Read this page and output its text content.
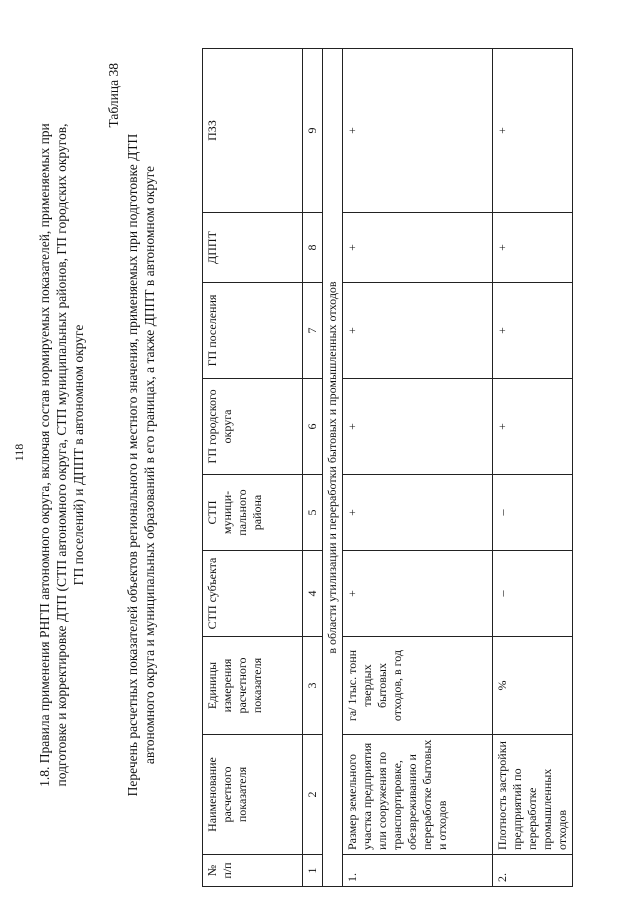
118 1.8. Правила применения РНГП автономного округа, включая состав нормируемых показателей, применяемых при подготовке и корректировке ДТП (СТП автономного округа, СТП муниципальных районов, ГП городских округов, ГП поселений) и ДППТ в автономном округе
Таблица 38
Перечень расчетных показателей объектов регионального и местного значения, применяемых при подготовке ДТП автономного округа и муниципальных образований в его границах, а также ДППТ в автономном округе
№ п/п	Наименование расчетного показателя	Единицы измерения расчетного показателя	СТП субъекта	СТП муници-пального района	ГП городского округа	ГП поселения	ДППТ	ПЗЗ
1	2	3	4	5	6	7	8	9
в области утилизации и переработки бытовых и промышленных отходов								
1.	Размер земельного участка предприятия или сооружения по транспортировке, обезвреживанию и переработке бытовых и отходов	га/ 1тыс. тонн твердых бытовых отходов, в год	+	+	+	+	+	+
2.	Плотность застройки предприятий по переработке промышленных отходов	%	–	–	+	+	+	+
